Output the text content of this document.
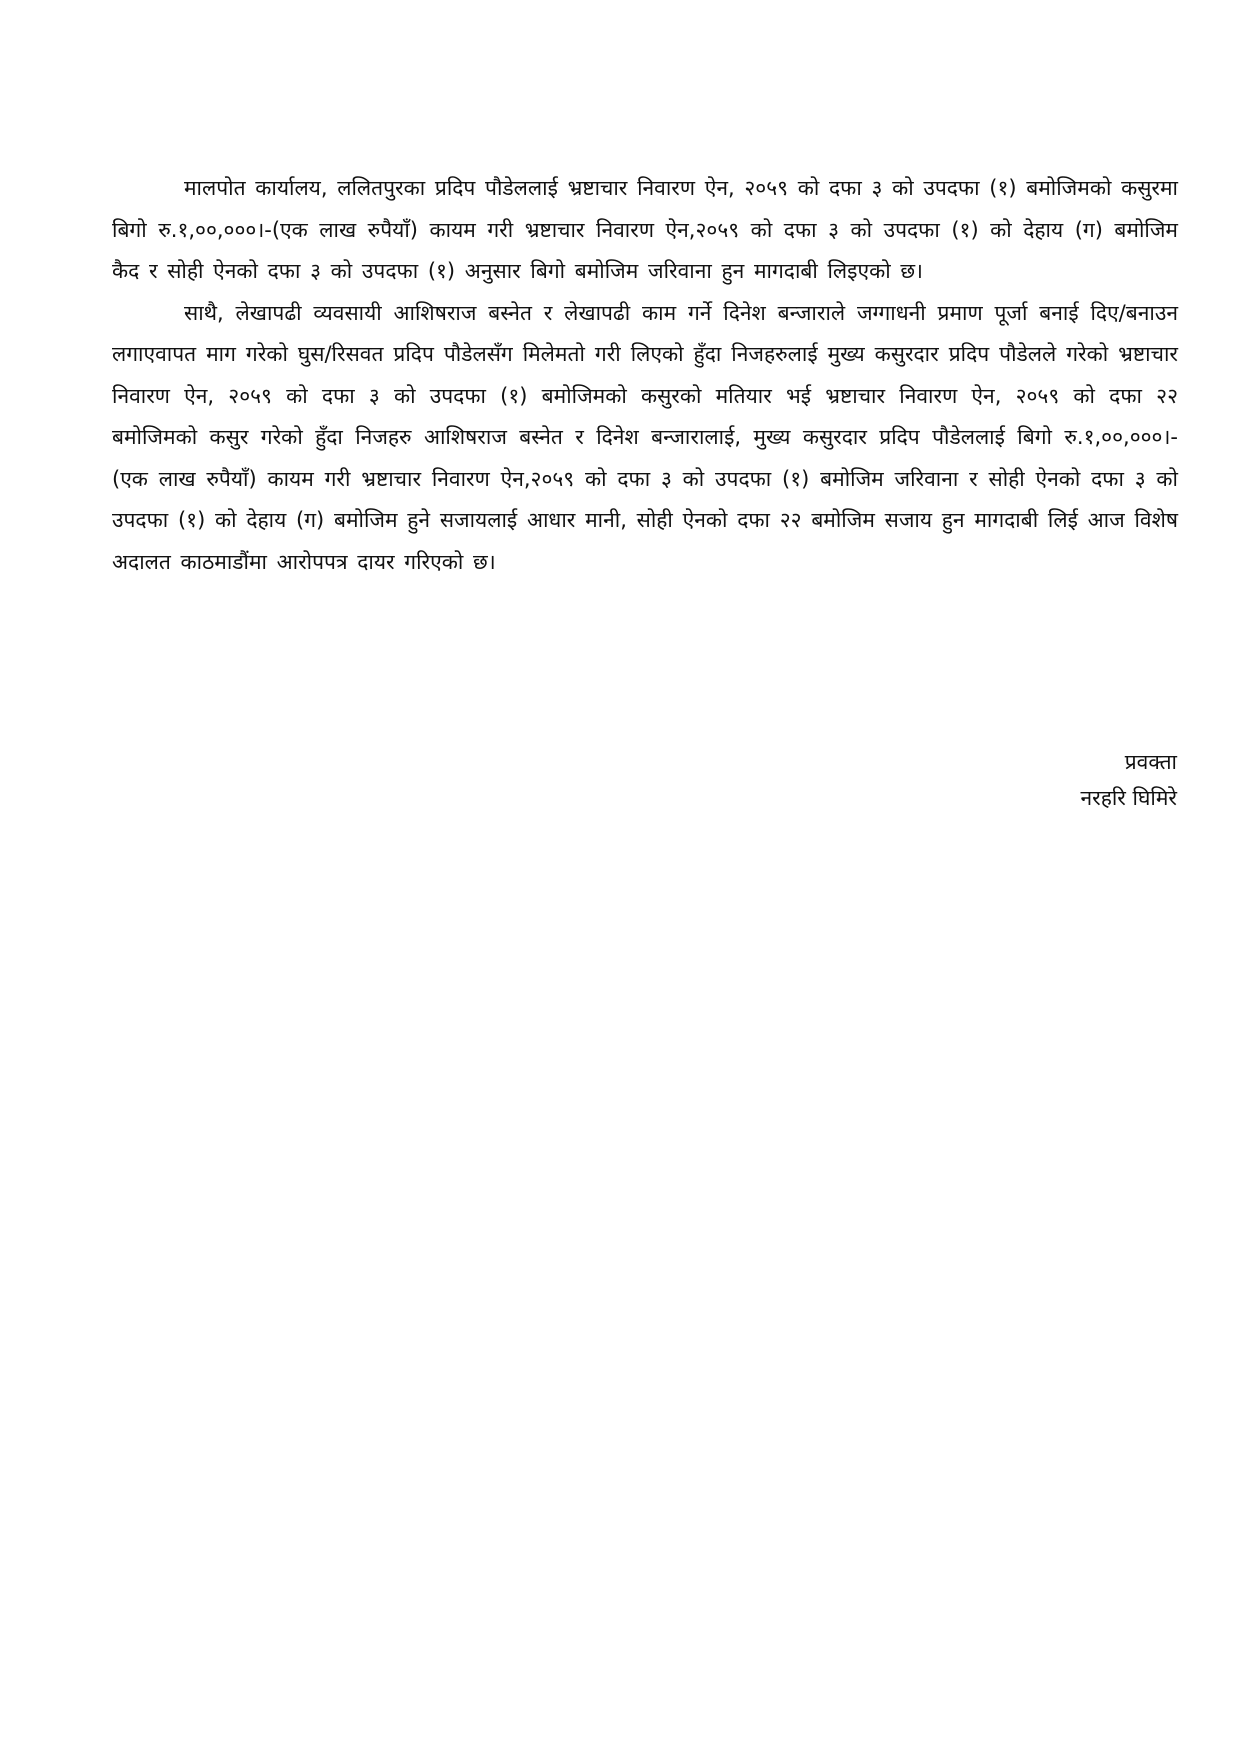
मालपोत कार्यालय, ललितपुरका प्रदिप पौडेललाई भ्रष्टाचार निवारण ऐन, २०५९ को दफा ३ को उपदफा (१) बमोजिमको कसुरमा बिगो रु.१,००,०००।-(एक लाख रुपैयाँ) कायम गरी भ्रष्टाचार निवारण ऐन,२०५९ को दफा ३ को उपदफा (१) को देहाय (ग) बमोजिम कैद र सोही ऐनको दफा ३ को उपदफा (१) अनुसार बिगो बमोजिम जरिवाना हुन मागदाबी लिइएको छ।

साथै, लेखापढी व्यवसायी आशिषराज बस्नेत र लेखापढी काम गर्ने दिनेश बन्जाराले जग्गाधनी प्रमाण पूर्जा बनाई दिए/बनाउन लगाएवापत माग गरेको घुस/रिसवत प्रदिप पौडेलसँग मिलेमतो गरी लिएको हुँदा निजहरुलाई मुख्य कसुरदार प्रदिप पौडेलले गरेको भ्रष्टाचार निवारण ऐन, २०५९ को दफा ३ को उपदफा (१) बमोजिमको कसुरको मतियार भई भ्रष्टाचार निवारण ऐन, २०५९ को दफा २२ बमोजिमको कसुर गरेको हुँदा निजहरु आशिषराज बस्नेत र दिनेश बन्जारालाई, मुख्य कसुरदार प्रदिप पौडेललाई बिगो रु.१,००,०००।- (एक लाख रुपैयाँ) कायम गरी भ्रष्टाचार निवारण ऐन,२०५९ को दफा ३ को उपदफा (१) बमोजिम जरिवाना र सोही ऐनको दफा ३ को उपदफा (१) को देहाय (ग) बमोजिम हुने सजायलाई आधार मानी, सोही ऐनको दफा २२ बमोजिम सजाय हुन मागदाबी लिई आज विशेष अदालत काठमाडौंमा आरोपपत्र दायर गरिएको छ।

प्रवक्ता
नरहरि घिमिरे
